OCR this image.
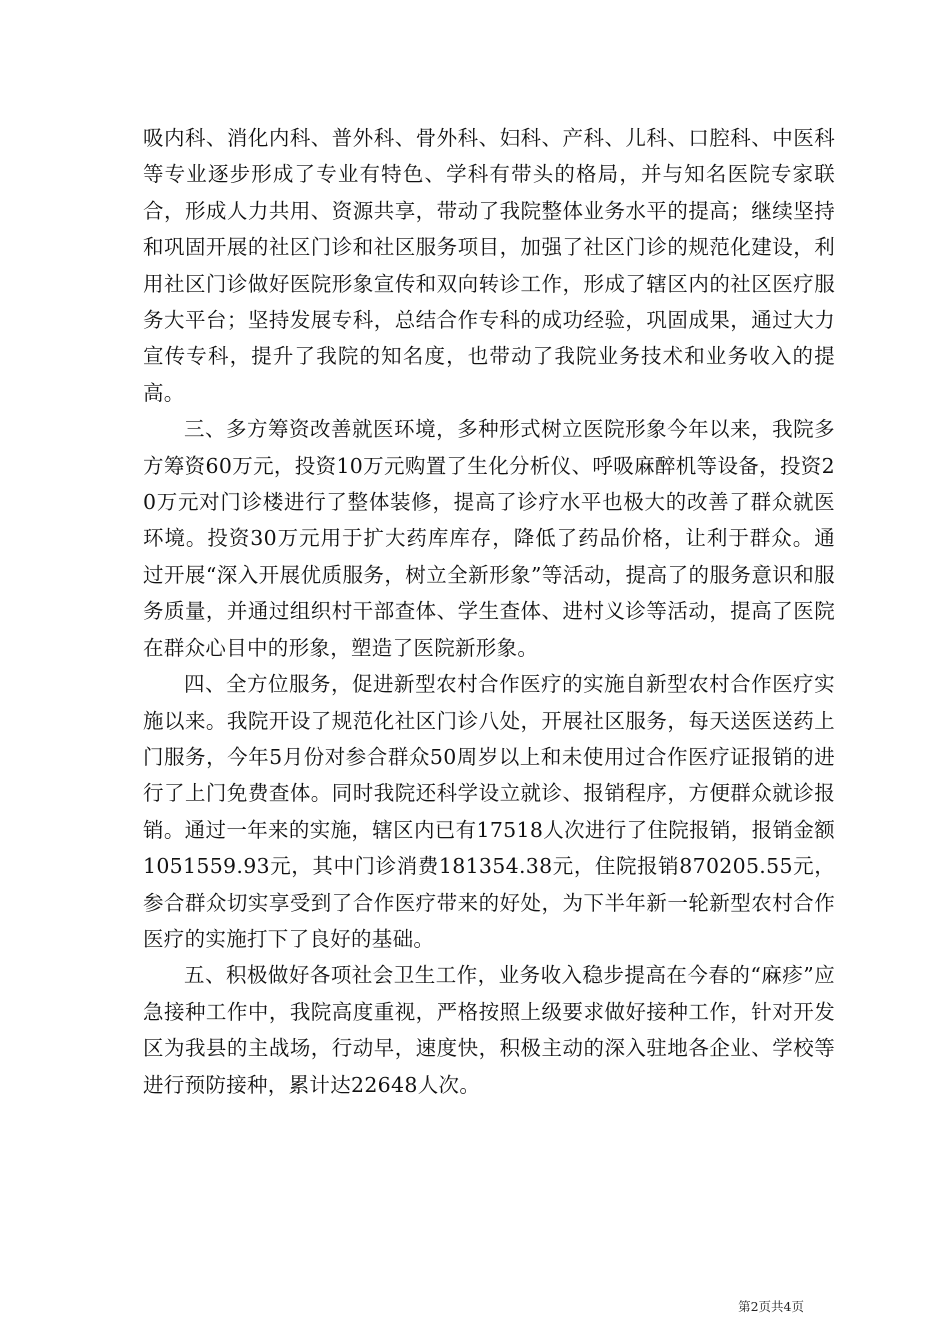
吸内科、消化内科、普外科、骨外科、妇科、产科、儿科、口腔科、中医科等专业逐步形成了专业有特色、学科有带头的格局，并与知名医院专家联合，形成人力共用、资源共享，带动了我院整体业务水平的提高；继续坚持和巩固开展的社区门诊和社区服务项目，加强了社区门诊的规范化建设，利用社区门诊做好医院形象宣传和双向转诊工作，形成了辖区内的社区医疗服务大平台；坚持发展专科，总结合作专科的成功经验，巩固成果，通过大力宣传专科，提升了我院的知名度，也带动了我院业务技术和业务收入的提高。

三、多方筹资改善就医环境，多种形式树立医院形象今年以来，我院多方筹资60万元，投资10万元购置了生化分析仪、呼吸麻醉机等设备，投资20万元对门诊楼进行了整体装修，提高了诊疗水平也极大的改善了群众就医环境。投资30万元用于扩大药库库存，降低了药品价格，让利于群众。通过开展“深入开展优质服务，树立全新形象”等活动，提高了的服务意识和服务质量，并通过组织村干部查体、学生查体、进村义诊等活动，提高了医院在群众心目中的形象，塑造了医院新形象。

四、全方位服务，促进新型农村合作医疗的实施自新型农村合作医疗实施以来。我院开设了规范化社区门诊八处，开展社区服务，每天送医送药上门服务，今年5月份对参合群众50周岁以上和未使用过合作医疗证报销的进行了上门免费查体。同时我院还科学设立就诊、报销程序，方便群众就诊报销。通过一年来的实施，辖区内已有17518人次进行了住院报销，报销金额1051559.93元，其中门诊消费181354.38元，住院报销870205.55元，参合群众切实享受到了合作医疗带来的好处，为下半年新一轮新型农村合作医疗的实施打下了良好的基础。

五、积极做好各项社会卫生工作，业务收入稳步提高在今春的“麻疹”应急接种工作中，我院高度重视，严格按照上级要求做好接种工作，针对开发区为我县的主战场，行动早，速度快，积极主动的深入驻地各企业、学校等进行预防接种，累计达22648人次。

第2页共4页
